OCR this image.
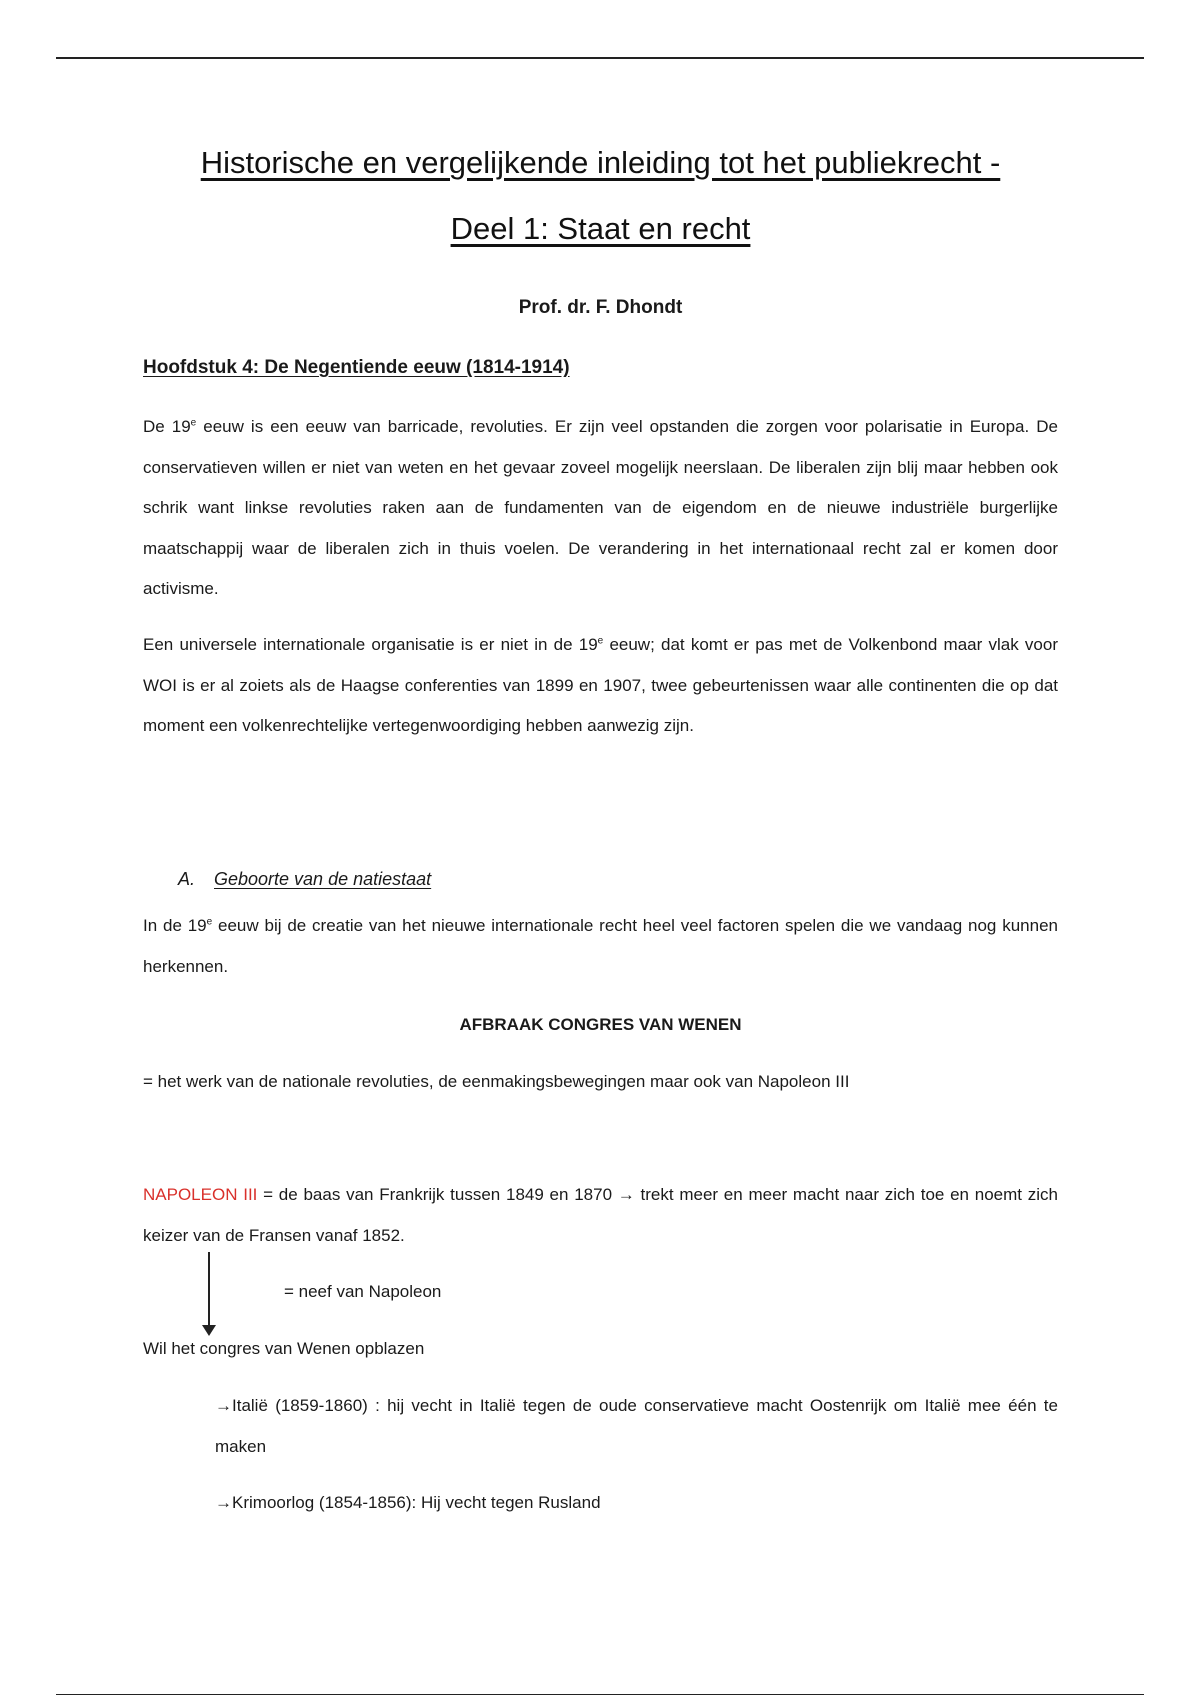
Historische en vergelijkende inleiding tot het publiekrecht -
Deel 1: Staat en recht
Prof. dr. F. Dhondt
Hoofdstuk 4: De Negentiende eeuw (1814-1914)
De 19e eeuw is een eeuw van barricade, revoluties. Er zijn veel opstanden die zorgen voor polarisatie in Europa. De conservatieven willen er niet van weten en het gevaar zoveel mogelijk neerslaan. De liberalen zijn blij maar hebben ook schrik want linkse revoluties raken aan de fundamenten van de eigendom en de nieuwe industriële burgerlijke maatschappij waar de liberalen zich in thuis voelen. De verandering in het internationaal recht zal er komen door activisme.
Een universele internationale organisatie is er niet in de 19e eeuw; dat komt er pas met de Volkenbond maar vlak voor WOI is er al zoiets als de Haagse conferenties van 1899 en 1907, twee gebeurtenissen waar alle continenten die op dat moment een volkenrechtelijke vertegenwoordiging hebben aanwezig zijn.
A. Geboorte van de natiestaat
In de 19e eeuw bij de creatie van het nieuwe internationale recht heel veel factoren spelen die we vandaag nog kunnen herkennen.
AFBRAAK CONGRES VAN WENEN
= het werk van de nationale revoluties, de eenmakingsbewegingen maar ook van Napoleon III
NAPOLEON III = de baas van Frankrijk tussen 1849 en 1870 → trekt meer en meer macht naar zich toe en noemt zich keizer van de Fransen vanaf 1852.
= neef van Napoleon
Wil het congres van Wenen opblazen
→Italië (1859-1860) : hij vecht in Italië tegen de oude conservatieve macht Oostenrijk om Italië mee één te maken
→Krimoorlog (1854-1856): Hij vecht tegen Rusland
